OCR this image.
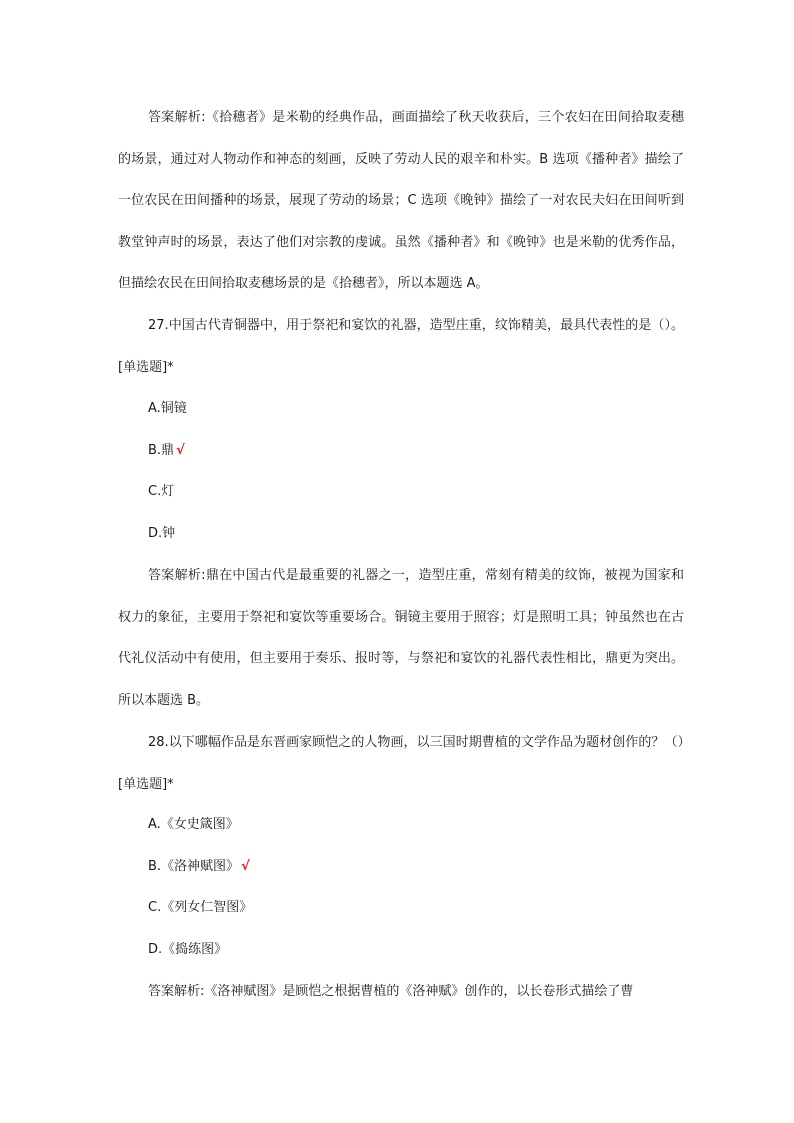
答案解析:《拾穗者》是米勒的经典作品，画面描绘了秋天收获后，三个农妇在田间拾取麦穗的场景，通过对人物动作和神态的刻画，反映了劳动人民的艰辛和朴实。B 选项《播种者》描绘了一位农民在田间播种的场景，展现了劳动的场景；C 选项《晚钟》描绘了一对农民夫妇在田间听到教堂钟声时的场景，表达了他们对宗教的虔诚。虽然《播种者》和《晚钟》也是米勒的优秀作品，但描绘农民在田间拾取麦穗场景的是《拾穗者》，所以本题选 A。

27.中国古代青铜器中，用于祭祀和宴饮的礼器，造型庄重，纹饰精美，最具代表性的是（）。[单选题]*

A.铜镜
B.鼎 √
C.灯
D.钟

答案解析:鼎在中国古代是最重要的礼器之一，造型庄重，常刻有精美的纹饰，被视为国家和权力的象征，主要用于祭祀和宴饮等重要场合。铜镜主要用于照容；灯是照明工具；钟虽然也在古代礼仪活动中有使用，但主要用于奏乐、报时等，与祭祀和宴饮的礼器代表性相比，鼎更为突出。所以本题选 B。

28.以下哪幅作品是东晋画家顾恺之的人物画，以三国时期曹植的文学作品为题材创作的？（）[单选题]*

A.《女史箴图》
B.《洛神赋图》 √
C.《列女仁智图》
D.《捣练图》

答案解析:《洛神赋图》是顾恺之根据曹植的《洛神赋》创作的，以长卷形式描绘了曹
